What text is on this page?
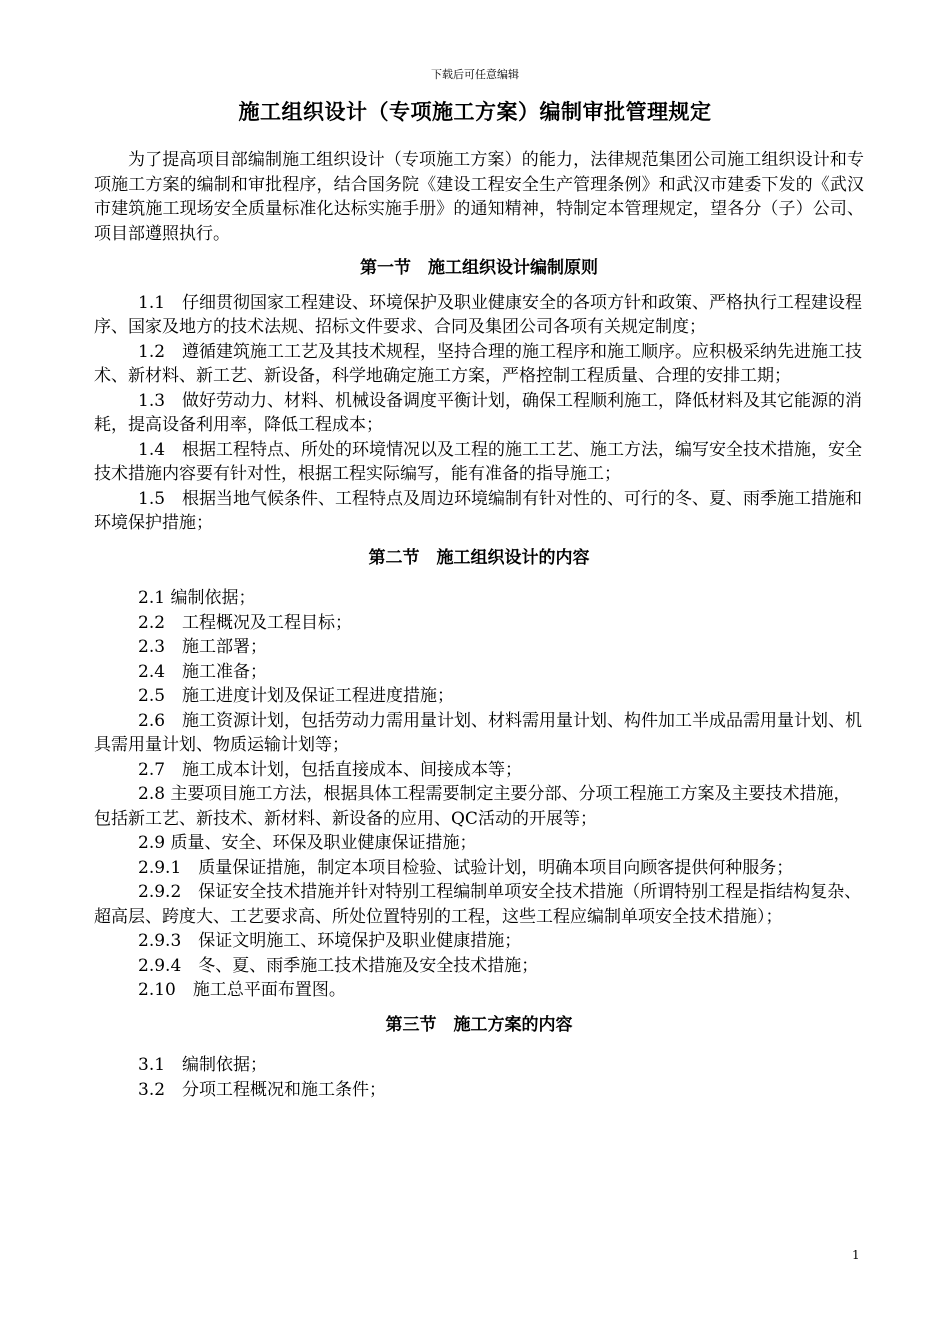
下载后可任意编辑
施工组织设计（专项施工方案）编制审批管理规定

为了提高项目部编制施工组织设计（专项施工方案）的能力，法律规范集团公司施工组织设计和专项施工方案的编制和审批程序，结合国务院《建设工程安全生产管理条例》和武汉市建委下发的《武汉市建筑施工现场安全质量标准化达标实施手册》的通知精神，特制定本管理规定，望各分（子）公司、项目部遵照执行。

第一节　施工组织设计编制原则

1.1　仔细贯彻国家工程建设、环境保护及职业健康安全的各项方针和政策、严格执行工程建设程序、国家及地方的技术法规、招标文件要求、合同及集团公司各项有关规定制度；

1.2　遵循建筑施工工艺及其技术规程，坚持合理的施工程序和施工顺序。应积极采纳先进施工技术、新材料、新工艺、新设备，科学地确定施工方案，严格控制工程质量、合理的安排工期；

1.3　做好劳动力、材料、机械设备调度平衡计划，确保工程顺利施工，降低材料及其它能源的消耗，提高设备利用率，降低工程成本；

1.4　根据工程特点、所处的环境情况以及工程的施工工艺、施工方法，编写安全技术措施，安全技术措施内容要有针对性，根据工程实际编写，能有准备的指导施工；

1.5　根据当地气候条件、工程特点及周边环境编制有针对性的、可行的冬、夏、雨季施工措施和环境保护措施；

第二节　施工组织设计的内容

2.1 编制依据；

2.2　工程概况及工程目标；

2.3　施工部署；

2.4　施工准备；

2.5　施工进度计划及保证工程进度措施；

2.6　施工资源计划，包括劳动力需用量计划、材料需用量计划、构件加工半成品需用量计划、机具需用量计划、物质运输计划等；

2.7　施工成本计划，包括直接成本、间接成本等；

2.8 主要项目施工方法，根据具体工程需要制定主要分部、分项工程施工方案及主要技术措施，包括新工艺、新技术、新材料、新设备的应用、QC活动的开展等；

2.9 质量、安全、环保及职业健康保证措施；

2.9.1　质量保证措施，制定本项目检验、试验计划，明确本项目向顾客提供何种服务；

2.9.2　保证安全技术措施并针对特别工程编制单项安全技术措施（所谓特别工程是指结构复杂、超高层、跨度大、工艺要求高、所处位置特别的工程，这些工程应编制单项安全技术措施）；

2.9.3　保证文明施工、环境保护及职业健康措施；

2.9.4　冬、夏、雨季施工技术措施及安全技术措施；

2.10　施工总平面布置图。

第三节　施工方案的内容

3.1　编制依据；

3.2　分项工程概况和施工条件；

1
